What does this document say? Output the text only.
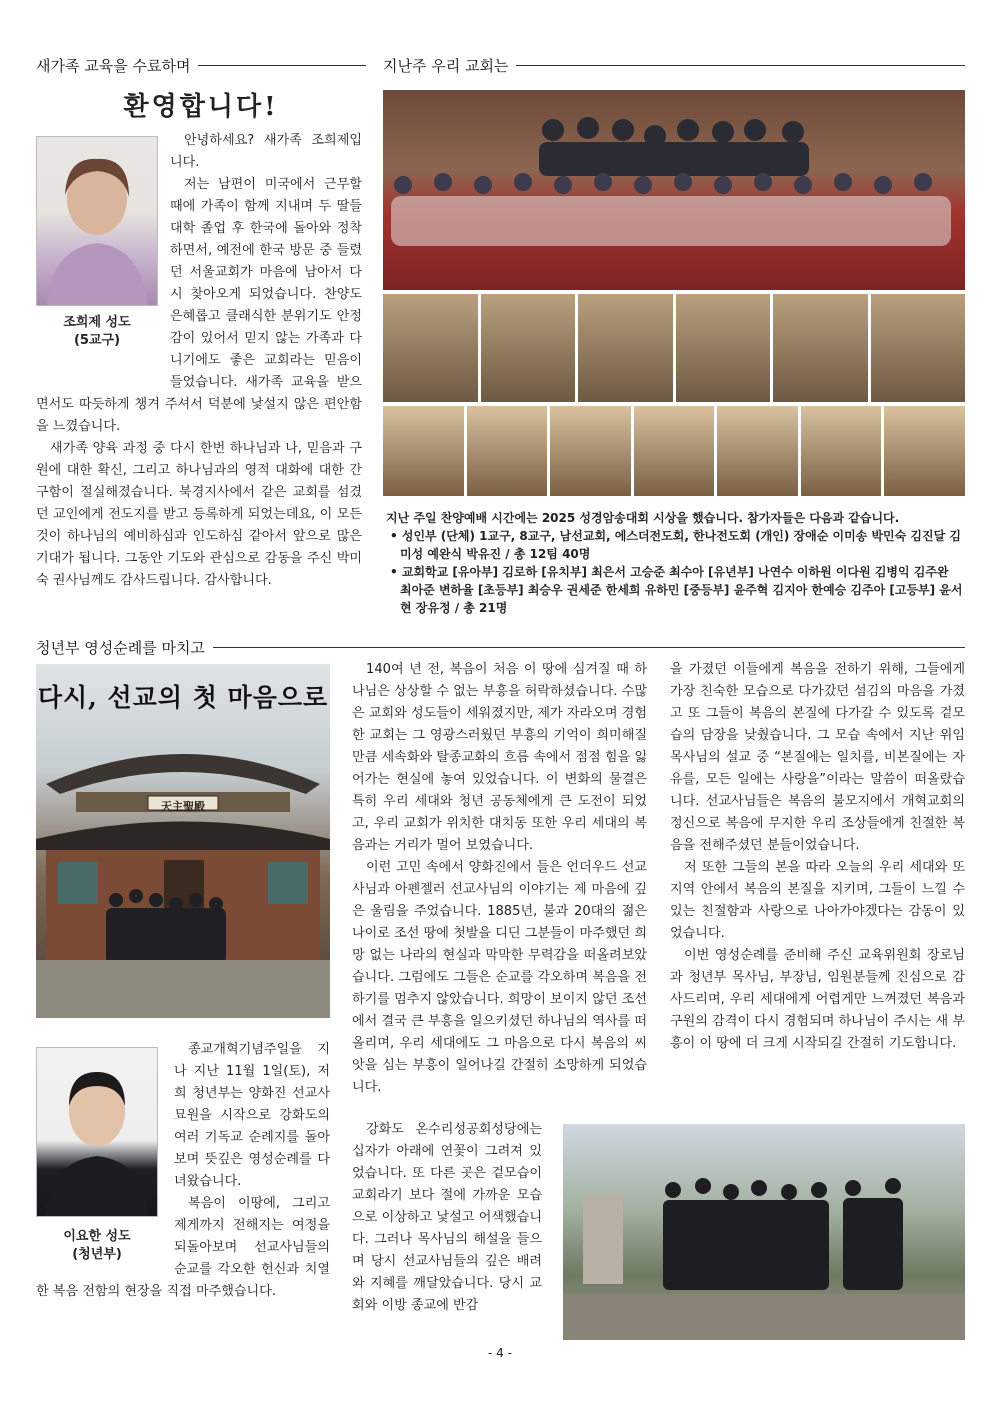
새가족 교육을 수료하며
환영합니다!
조희제 성도
(5교구)

안녕하세요? 새가족 조희제입니다.

저는 남편이 미국에서 근무할 때에 가족이 함께 지내며 두 딸들 대학 졸업 후 한국에 돌아와 정착하면서, 예전에 한국 방문 중 들렸던 서울교회가 마음에 남아서 다시 찾아오게 되었습니다. 찬양도 은혜롭고 클래식한 분위기도 안정감이 있어서 믿지 않는 가족과 다니기에도 좋은 교회라는 믿음이 들었습니다. 새가족 교육을 받으면서도 따듯하게 챙겨 주셔서 덕분에 낯설지 않은 편안함을 느꼈습니다.

새가족 양육 과정 중 다시 한번 하나님과 나, 믿음과 구원에 대한 확신, 그리고 하나님과의 영적 대화에 대한 간구함이 절실해졌습니다. 북경지사에서 같은 교회를 섬겼던 교인에게 전도지를 받고 등록하게 되었는데요, 이 모든 것이 하나님의 예비하심과 인도하심 같아서 앞으로 많은 기대가 됩니다. 그동안 기도와 관심으로 감동을 주신 박미숙 권사님께도 감사드립니다. 감사합니다.

지난주 우리 교회는
지난 주일 찬양예배 시간에는 2025 성경암송대회 시상을 했습니다. 참가자들은 다음과 같습니다.
• 성인부 (단체) 1교구, 8교구, 남선교회, 에스더전도회, 한나전도회 (개인) 장애순 이미송 박민숙 김진달 김미성 예완식 박유진 / 총 12팀 40명
• 교회학교 [유아부] 김로하 [유치부] 최은서 고승준 최수아 [유년부] 나연수 이하원 이다원 김병익 김주완 최아준 변하율 [초등부] 최승우 권세준 한세희 유하민 [중등부] 윤주혁 김지아 한예승 김주아 [고등부] 윤서현 장유정 / 총 21명
청년부 영성순례를 마치고
다시, 선교의 첫 마음으로
天主聖殿
이요한 성도
(청년부)

종교개혁기념주일을 지나 지난 11월 1일(토), 저희 청년부는 양화진 선교사 묘원을 시작으로 강화도의 여러 기독교 순례지를 돌아보며 뜻깊은 영성순례를 다녀왔습니다.

복음이 이땅에, 그리고 제게까지 전해지는 여정을 되돌아보며 선교사님들의 순교를 각오한 헌신과 치열한 복음 전함의 현장을 직접 마주했습니다.

140여 년 전, 복음이 처음 이 땅에 심겨질 때 하나님은 상상할 수 없는 부흥을 허락하셨습니다. 수많은 교회와 성도들이 세워졌지만, 제가 자라오며 경험한 교회는 그 영광스러웠던 부흥의 기억이 희미해질 만큼 세속화와 탈종교화의 흐름 속에서 점점 힘을 잃어가는 현실에 놓여 있었습니다. 이 변화의 물결은 특히 우리 세대와 청년 공동체에게 큰 도전이 되었고, 우리 교회가 위치한 대치동 또한 우리 세대의 복음과는 거리가 멀어 보였습니다.

이런 고민 속에서 양화진에서 들은 언더우드 선교사님과 아펜젤러 선교사님의 이야기는 제 마음에 깊은 울림을 주었습니다. 1885년, 불과 20대의 젊은 나이로 조선 땅에 첫발을 디딘 그분들이 마주했던 희망 없는 나라의 현실과 막막한 무력감을 떠올려보았습니다. 그럼에도 그들은 순교를 각오하며 복음을 전하기를 멈추지 않았습니다. 희망이 보이지 않던 조선에서 결국 큰 부흥을 일으키셨던 하나님의 역사를 떠올리며, 우리 세대에도 그 마음으로 다시 복음의 씨앗을 심는 부흥이 일어나길 간절히 소망하게 되었습니다.

강화도 온수리성공회성당에는 십자가 아래에 연꽃이 그려져 있었습니다. 또 다른 곳은 겉모습이 교회라기 보다 절에 가까운 모습으로 이상하고 낯설고 어색했습니다. 그러나 목사님의 해설을 들으며 당시 선교사님들의 깊은 배려와 지혜를 깨달았습니다. 당시 교회와 이방 종교에 반감

을 가졌던 이들에게 복음을 전하기 위해, 그들에게 가장 친숙한 모습으로 다가갔던 섬김의 마음을 가졌고 또 그들이 복음의 본질에 다가갈 수 있도록 겉모습의 담장을 낮췄습니다. 그 모습 속에서 지난 위임목사님의 설교 중 “본질에는 일치를, 비본질에는 자유를, 모든 일에는 사랑을”이라는 말씀이 떠올랐습니다. 선교사님들은 복음의 불모지에서 개혁교회의 정신으로 복음에 무지한 우리 조상들에게 친절한 복음을 전해주셨던 분들이었습니다.

저 또한 그들의 본을 따라 오늘의 우리 세대와 또 지역 안에서 복음의 본질을 지키며, 그들이 느낄 수 있는 친절함과 사랑으로 나아가야겠다는 감동이 있었습니다.

이번 영성순례를 준비해 주신 교육위원회 장로님과 청년부 목사님, 부장님, 임원분들께 진심으로 감사드리며, 우리 세대에게 어렵게만 느껴졌던 복음과 구원의 감격이 다시 경험되며 하나님이 주시는 새 부흥이 이 땅에 더 크게 시작되길 간절히 기도합니다.

- 4 -
